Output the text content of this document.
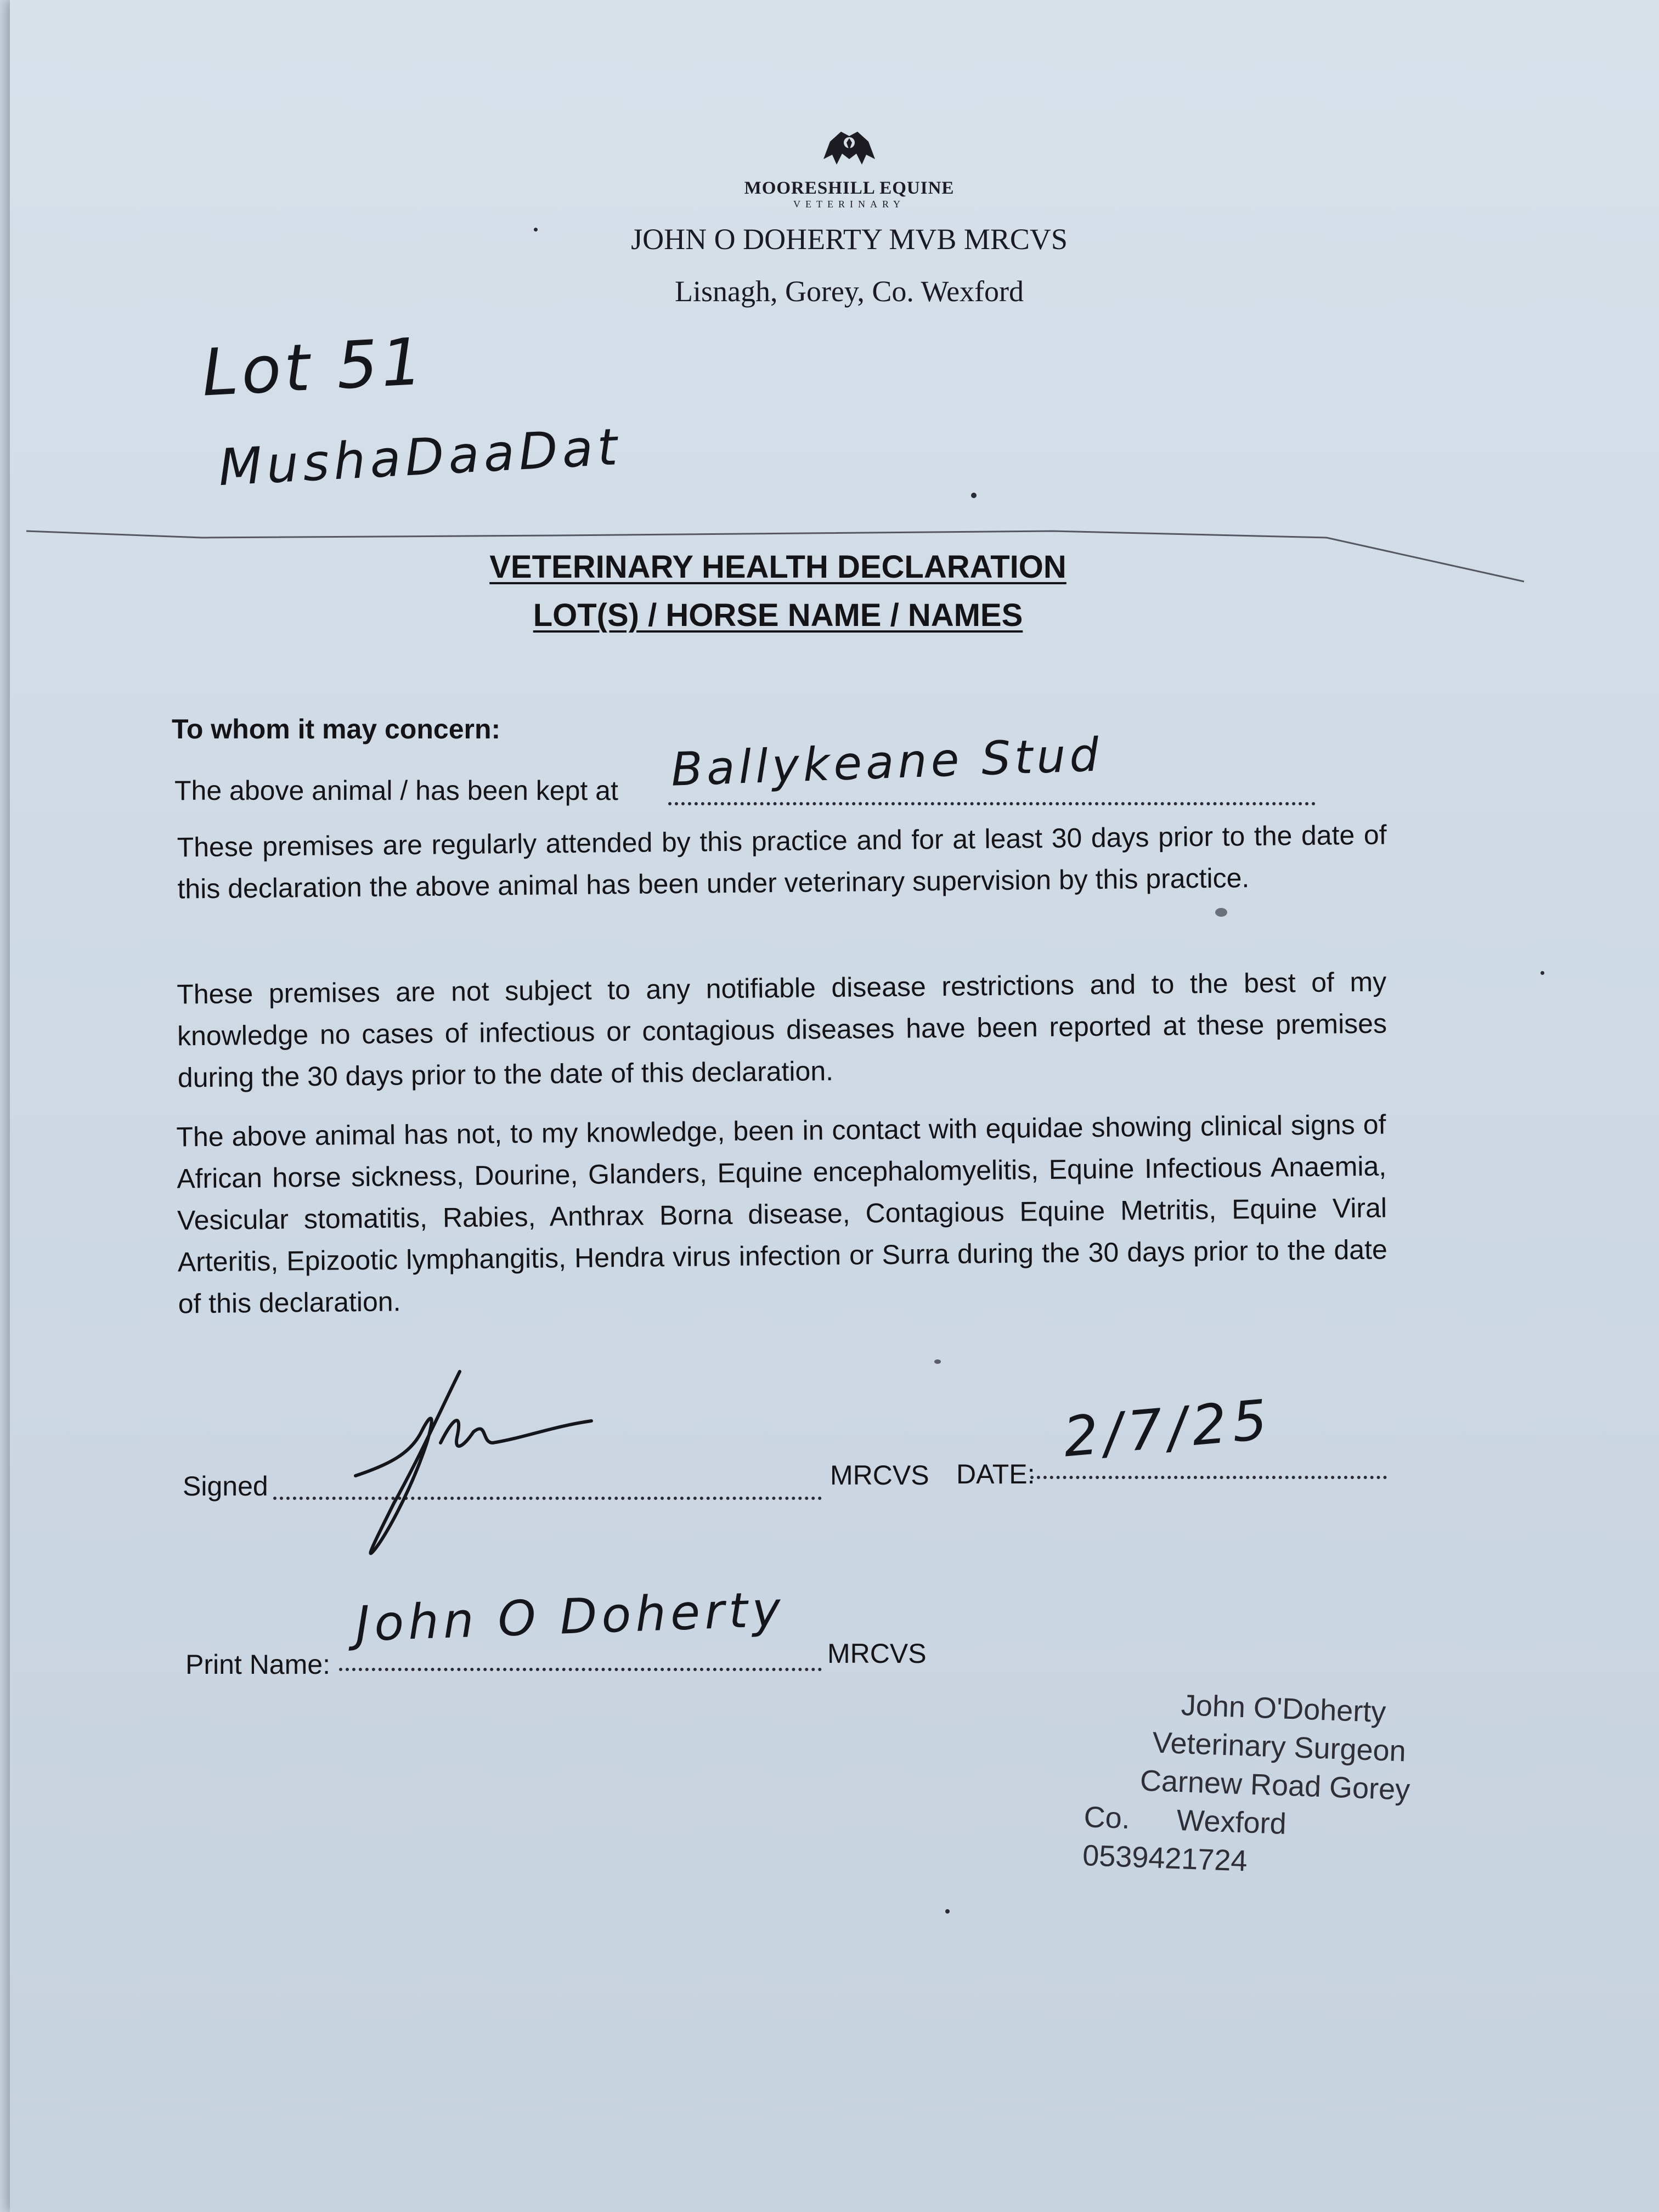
MOORESHILL EQUINE
VETERINARY
JOHN O DOHERTY MVB MRCVS
Lisnagh, Gorey, Co. Wexford
Lot 51
MushaDaaDat
VETERINARY HEALTH DECLARATION
LOT(S) / HORSE NAME / NAMES
To whom it may concern:
The above animal / has been kept at Ballykeane Stud
These premises are regularly attended by this practice and for at least 30 days prior to the date of this declaration the above animal has been under veterinary supervision by this practice.
These premises are not subject to any notifiable disease restrictions and to the best of my knowledge no cases of infectious or contagious diseases have been reported at these premises during the 30 days prior to the date of this declaration.
The above animal has not, to my knowledge, been in contact with equidae showing clinical signs of African horse sickness, Dourine, Glanders, Equine encephalomyelitis, Equine Infectious Anaemia, Vesicular stomatitis, Rabies, Anthrax Borna disease, Contagious Equine Metritis, Equine Viral Arteritis, Epizootic lymphangitis, Hendra virus infection or Surra during the 30 days prior to the date of this declaration.
Signed	MRCVS DATE:
2/7/25
Print Name:
John O Doherty
MRCVS
John O'Doherty
Veterinary Surgeon
Carnew Road Gorey
Co. Wexford 0539421724
